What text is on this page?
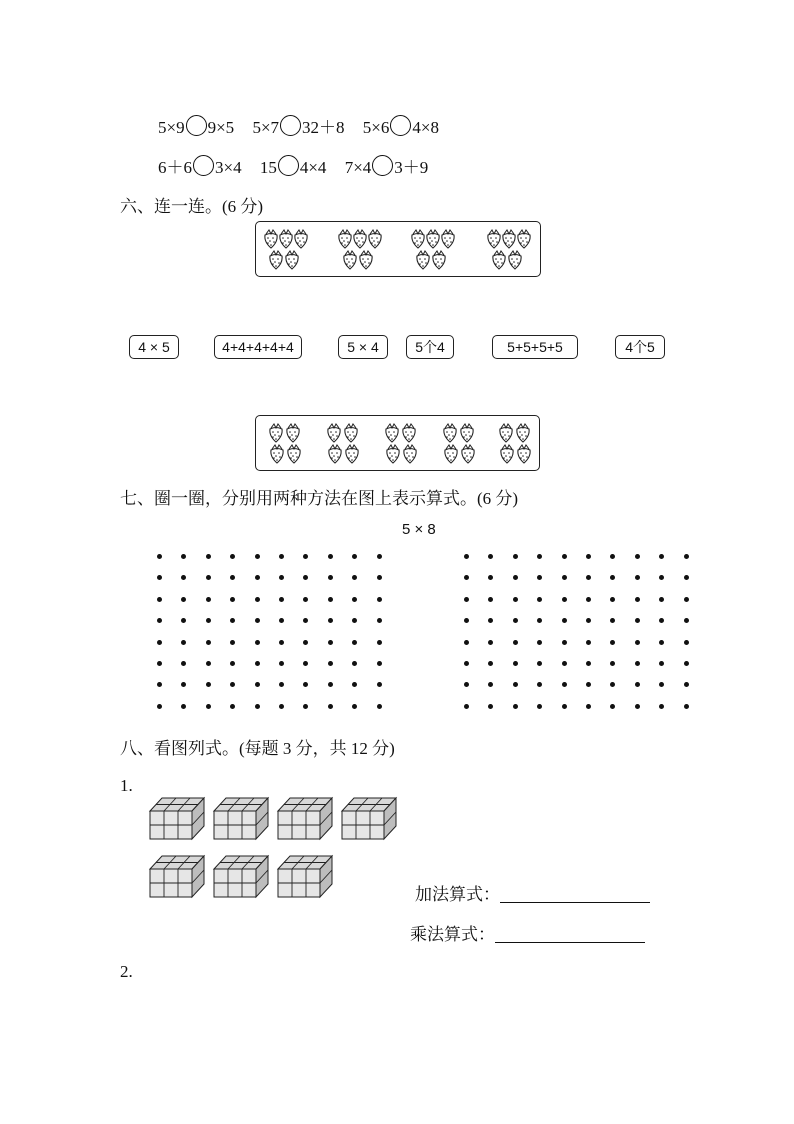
5×9 9×5 5×7 32＋8 5×6 4×8
6＋6 3×4 15 4×4 7×4 3＋9
六、连一连。(6 分)
4 × 5	4+4+4+4+4	5 × 4	5个4	5+5+5+5	4个5
七、圈一圈，分别用两种方法在图上表示算式。(6 分)
5 × 8
八、看图列式。(每题 3 分，共 12 分)
1.
加法算式：
乘法算式：
2.
